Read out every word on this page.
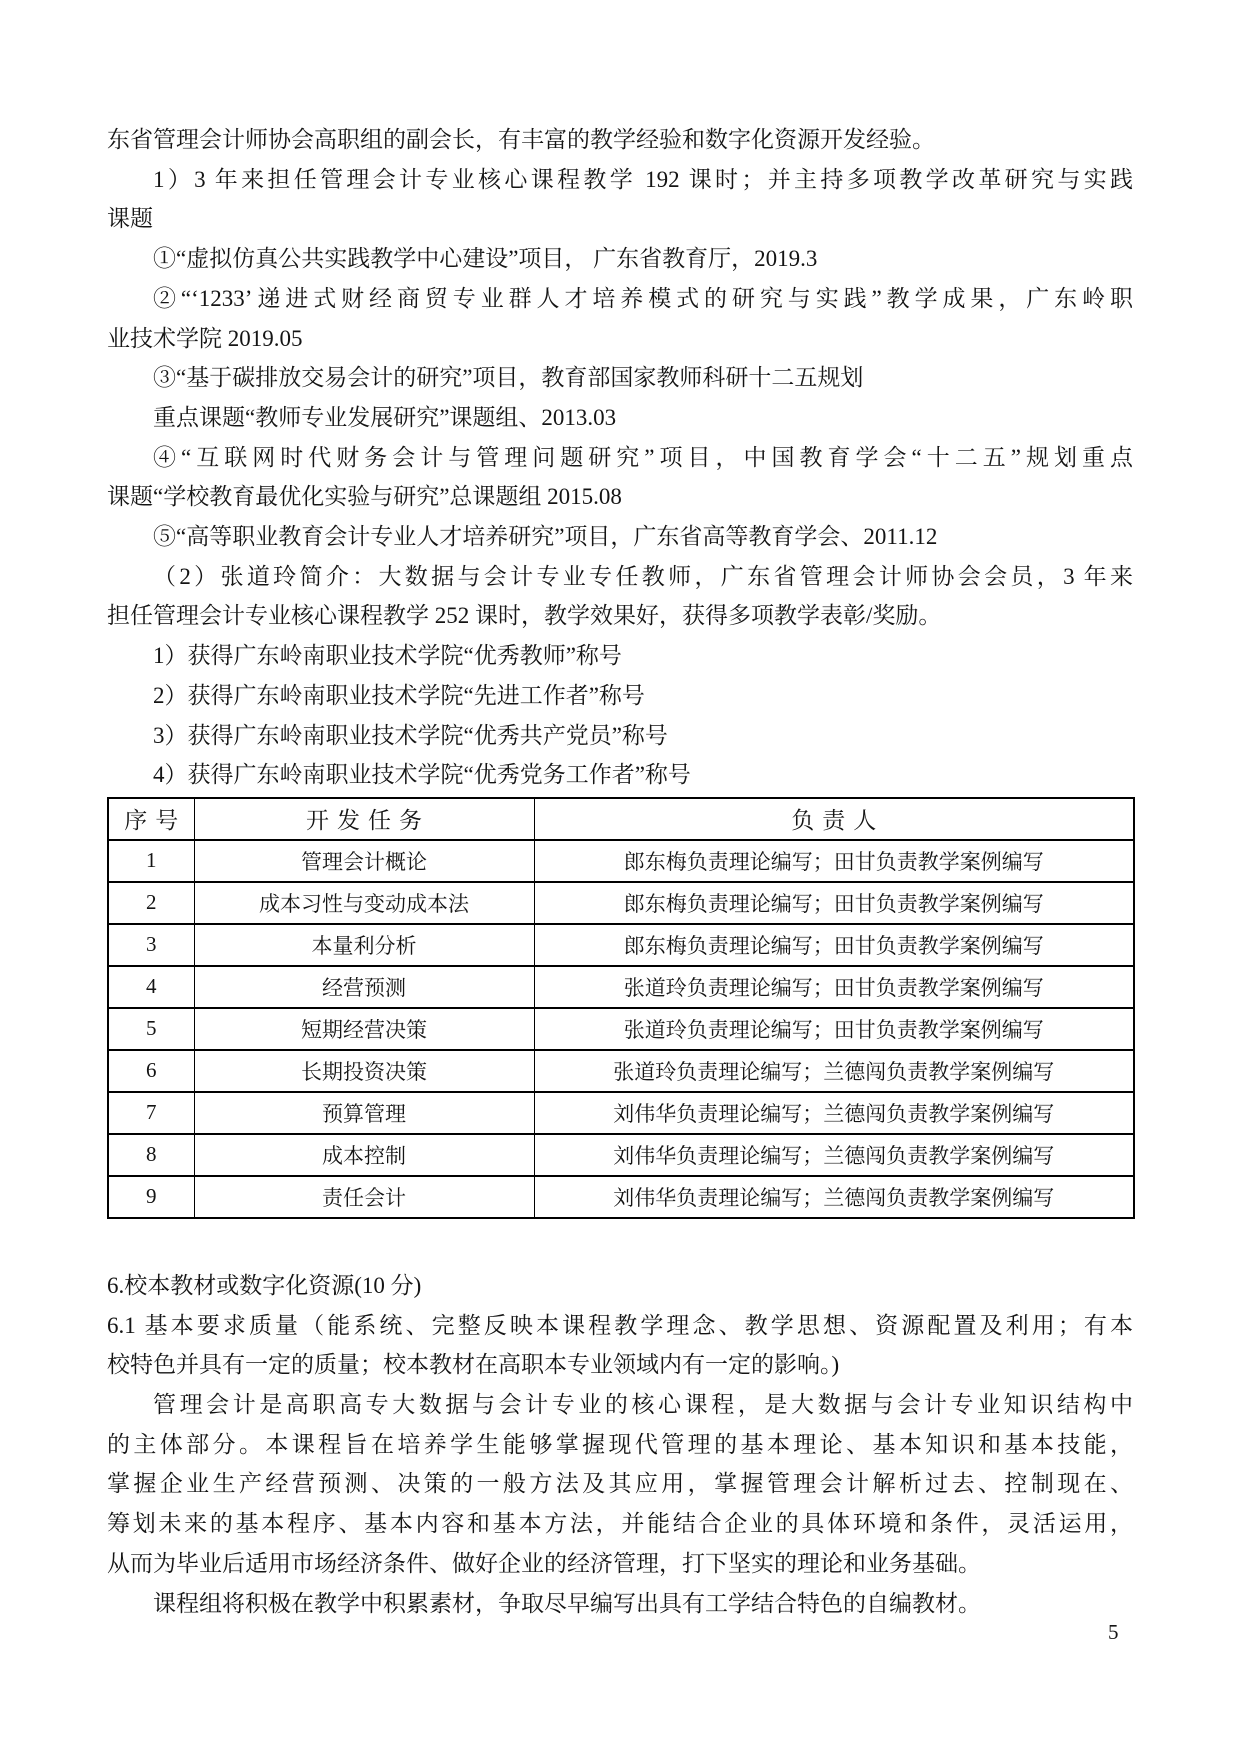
东省管理会计师协会高职组的副会长，有丰富的教学经验和数字化资源开发经验。

1）3 年来担任管理会计专业核心课程教学 192 课时；并主持多项教学改革研究与实践

课题

①“虚拟仿真公共实践教学中心建设”项目， 广东省教育厅，2019.3

②“‘1233’递进式财经商贸专业群人才培养模式的研究与实践”教学成果，广东岭职

业技术学院 2019.05

③“基于碳排放交易会计的研究”项目，教育部国家教师科研十二五规划

重点课题“教师专业发展研究”课题组、2013.03

④“互联网时代财务会计与管理问题研究”项目，中国教育学会“十二五”规划重点

课题“学校教育最优化实验与研究”总课题组 2015.08

⑤“高等职业教育会计专业人才培养研究”项目，广东省高等教育学会、2011.12

（2）张道玲简介：大数据与会计专业专任教师，广东省管理会计师协会会员，3 年来

担任管理会计专业核心课程教学 252 课时，教学效果好，获得多项教学表彰/奖励。

1）获得广东岭南职业技术学院“优秀教师”称号

2）获得广东岭南职业技术学院“先进工作者”称号

3）获得广东岭南职业技术学院“优秀共产党员”称号

4）获得广东岭南职业技术学院“优秀党务工作者”称号

序号	开发任务	负责人
1	管理会计概论	郎东梅负责理论编写；田甘负责教学案例编写
2	成本习性与变动成本法	郎东梅负责理论编写；田甘负责教学案例编写
3	本量利分析	郎东梅负责理论编写；田甘负责教学案例编写
4	经营预测	张道玲负责理论编写；田甘负责教学案例编写
5	短期经营决策	张道玲负责理论编写；田甘负责教学案例编写
6	长期投资决策	张道玲负责理论编写；兰德闯负责教学案例编写
7	预算管理	刘伟华负责理论编写；兰德闯负责教学案例编写
8	成本控制	刘伟华负责理论编写；兰德闯负责教学案例编写
9	责任会计	刘伟华负责理论编写；兰德闯负责教学案例编写

6.校本教材或数字化资源(10 分)

6.1 基本要求质量（能系统、完整反映本课程教学理念、教学思想、资源配置及利用；有本

校特色并具有一定的质量；校本教材在高职本专业领域内有一定的影响。)

管理会计是高职高专大数据与会计专业的核心课程，是大数据与会计专业知识结构中

的主体部分。本课程旨在培养学生能够掌握现代管理的基本理论、基本知识和基本技能，

掌握企业生产经营预测、决策的一般方法及其应用，掌握管理会计解析过去、控制现在、

筹划未来的基本程序、基本内容和基本方法，并能结合企业的具体环境和条件，灵活运用，

从而为毕业后适用市场经济条件、做好企业的经济管理，打下坚实的理论和业务基础。

课程组将积极在教学中积累素材，争取尽早编写出具有工学结合特色的自编教材。

5
